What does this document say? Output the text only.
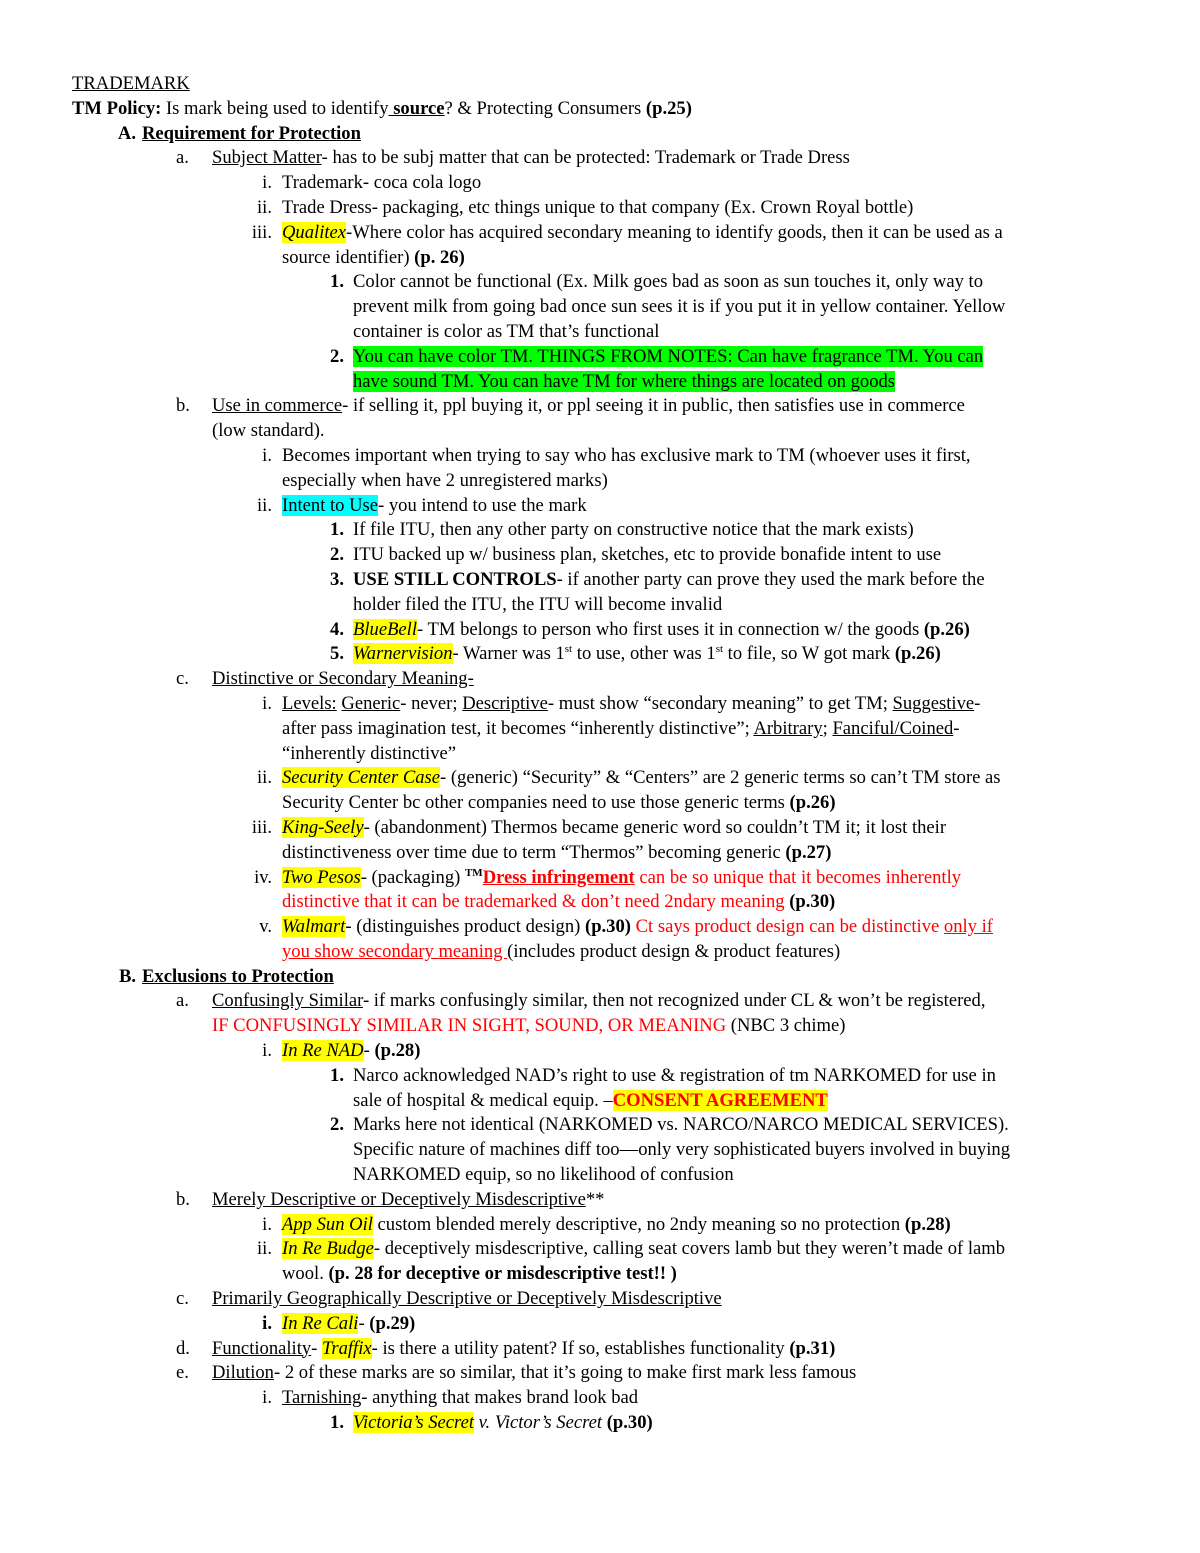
TRADEMARK
TM Policy: Is mark being used to identify source? & Protecting Consumers (p.25)
A. Requirement for Protection
a.	Subject Matter- has to be subj matter that can be protected: Trademark or Trade Dress
i. Trademark- coca cola logo
ii. Trade Dress- packaging, etc things unique to that company (Ex. Crown Royal bottle)
iii. Qualitex-Where color has acquired secondary meaning to identify goods, then it can be used as a
source identifier) (p. 26)
1. Color cannot be functional (Ex. Milk goes bad as soon as sun touches it, only way to
prevent milk from going bad once sun sees it is if you put it in yellow container. Yellow
container is color as TM that’s functional
2. You can have color TM. THINGS FROM NOTES: Can have fragrance TM. You can
have sound TM. You can have TM for where things are located on goods
b.	Use in commerce- if selling it, ppl buying it, or ppl seeing it in public, then satisfies use in commerce
(low standard).
i. Becomes important when trying to say who has exclusive mark to TM (whoever uses it first,
especially when have 2 unregistered marks)
ii. Intent to Use- you intend to use the mark
1. If file ITU, then any other party on constructive notice that the mark exists)
2. ITU backed up w/ business plan, sketches, etc to provide bonafide intent to use
3. USE STILL CONTROLS- if another party can prove they used the mark before the
holder filed the ITU, the ITU will become invalid
4. BlueBell- TM belongs to person who first uses it in connection w/ the goods (p.26)
5. Warnervision- Warner was 1st to use, other was 1st to file, so W got mark (p.26)
c.	Distinctive or Secondary Meaning-
i. Levels: Generic- never; Descriptive- must show “secondary meaning” to get TM; Suggestive-
after pass imagination test, it becomes “inherently distinctive”; Arbitrary; Fanciful/Coined-
“inherently distinctive”
ii. Security Center Case- (generic) “Security” & “Centers” are 2 generic terms so can’t TM store as
Security Center bc other companies need to use those generic terms (p.26)
iii. King-Seely- (abandonment) Thermos became generic word so couldn’t TM it; it lost their
distinctiveness over time due to term “Thermos” becoming generic (p.27)
iv. Two Pesos- (packaging) ™Dress infringement can be so unique that it becomes inherently
distinctive that it can be trademarked & don’t need 2ndary meaning (p.30)
v. Walmart- (distinguishes product design) (p.30) Ct says product design can be distinctive only if
you show secondary meaning (includes product design & product features)
B. Exclusions to Protection
a.	Confusingly Similar- if marks confusingly similar, then not recognized under CL & won’t be registered,
IF CONFUSINGLY SIMILAR IN SIGHT, SOUND, OR MEANING (NBC 3 chime)
i. In Re NAD- (p.28)
1. Narco acknowledged NAD’s right to use & registration of tm NARKOMED for use in
sale of hospital & medical equip. –CONSENT AGREEMENT
2. Marks here not identical (NARKOMED vs. NARCO/NARCO MEDICAL SERVICES).
Specific nature of machines diff too—only very sophisticated buyers involved in buying
NARKOMED equip, so no likelihood of confusion
b.	Merely Descriptive or Deceptively Misdescriptive**
i. App Sun Oil custom blended merely descriptive, no 2ndy meaning so no protection (p.28)
ii. In Re Budge- deceptively misdescriptive, calling seat covers lamb but they weren’t made of lamb
wool. (p. 28 for deceptive or misdescriptive test!! )
c.	Primarily Geographically Descriptive or Deceptively Misdescriptive
i. In Re Cali- (p.29)
d.	Functionality- Traffix- is there a utility patent? If so, establishes functionality (p.31)
e.	Dilution- 2 of these marks are so similar, that it’s going to make first mark less famous
i. Tarnishing- anything that makes brand look bad
1. Victoria’s Secret v. Victor’s Secret (p.30)
